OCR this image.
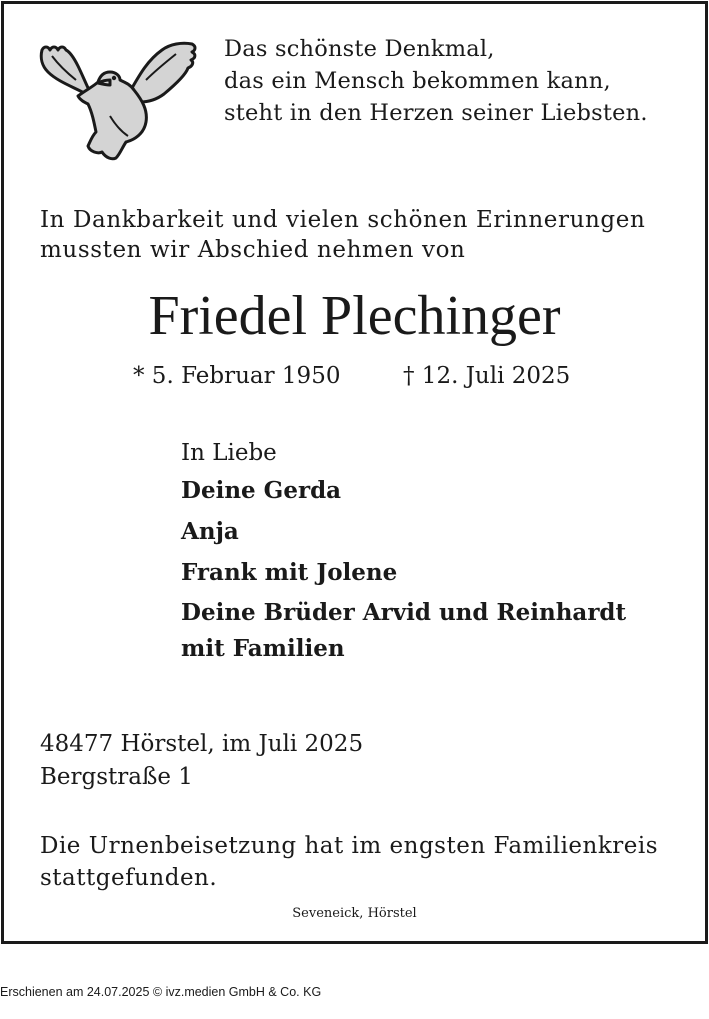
Das schönste Denkmal,
das ein Mensch bekommen kann,
steht in den Herzen seiner Liebsten.
In Dankbarkeit und vielen schönen Erinnerungen
mussten wir Abschied nehmen von
Friedel Plechinger
* 5. Februar 1950	† 12. Juli 2025
In Liebe
Deine Gerda
Anja
Frank mit Jolene
Deine Brüder Arvid und Reinhardt
mit Familien
48477 Hörstel, im Juli 2025
Bergstraße 1
Die Urnenbeisetzung hat im engsten Familienkreis
stattgefunden.
Seveneick, Hörstel
Erschienen am 24.07.2025 © ivz.medien GmbH & Co. KG
